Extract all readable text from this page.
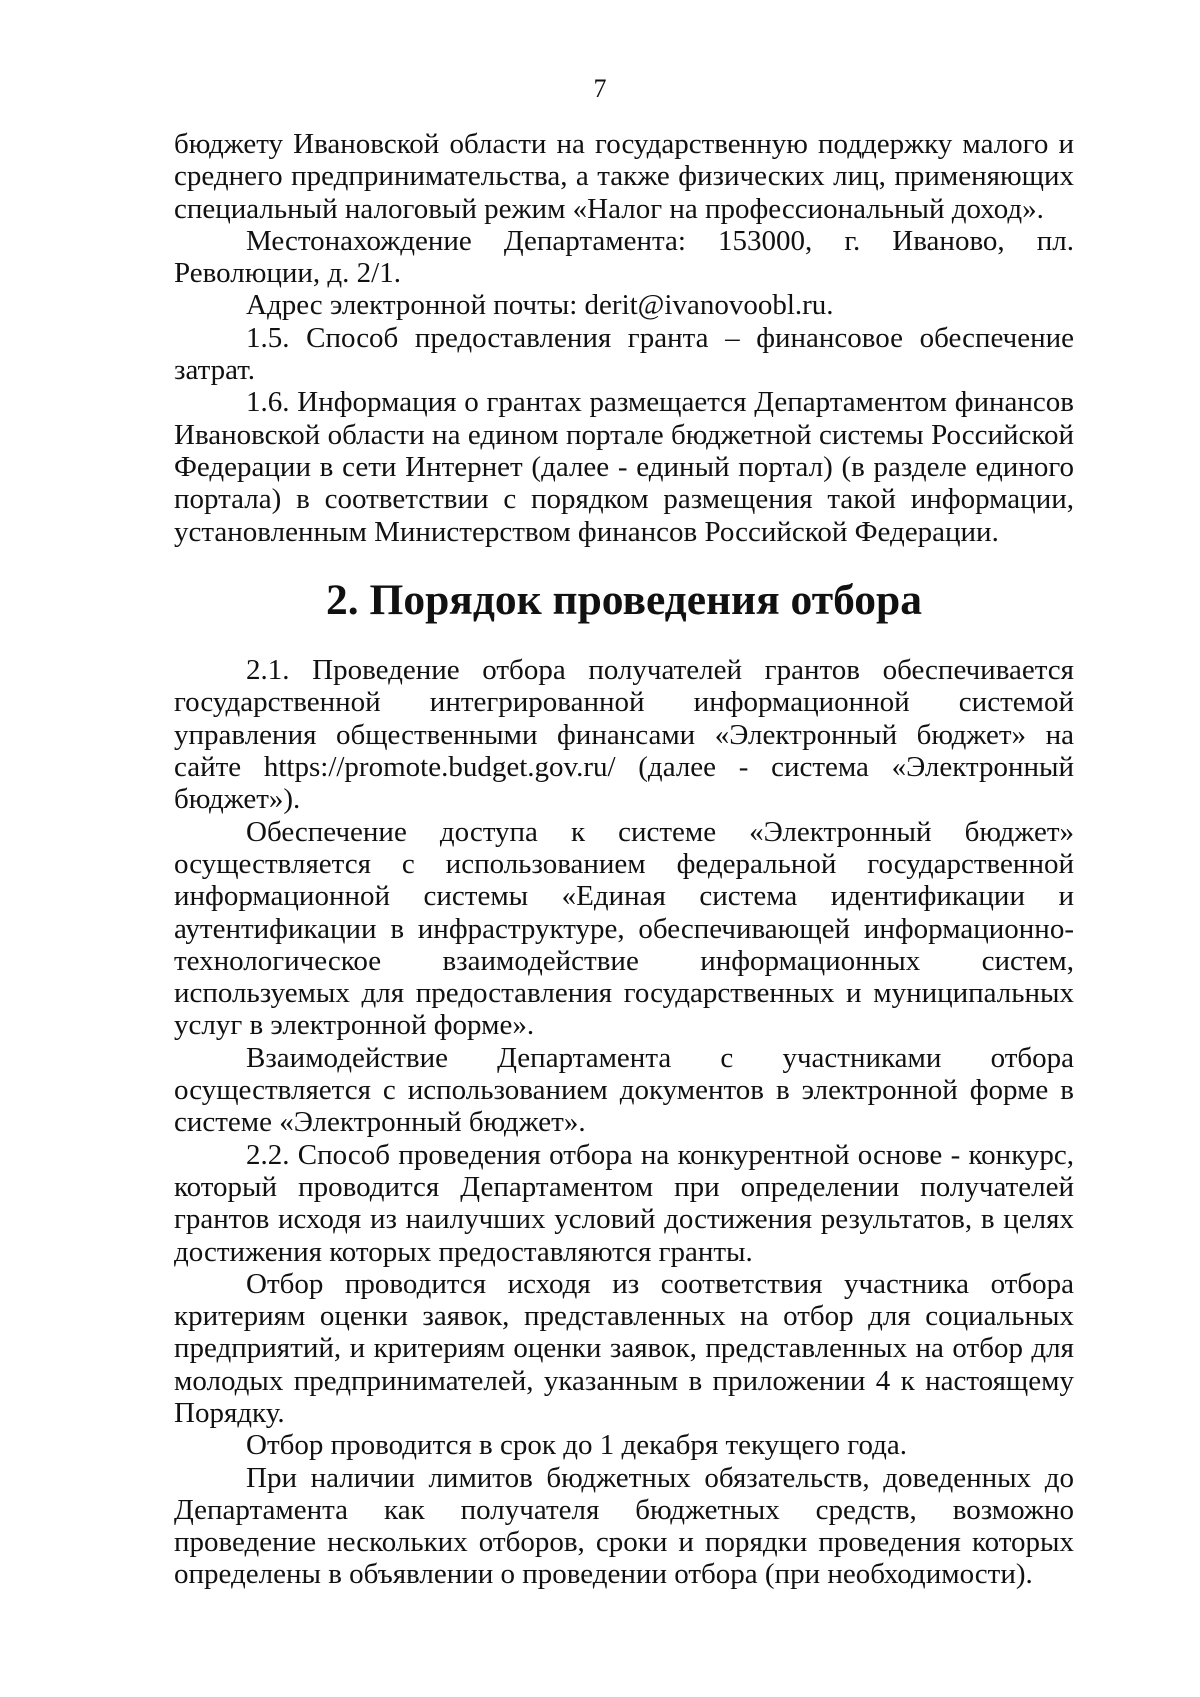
7

бюджету Ивановской области на государственную поддержку малого и среднего предпринимательства, а также физических лиц, применяющих специальный налоговый режим «Налог на профессиональный доход».

Местонахождение Департамента: 153000, г. Иваново, пл. Революции, д. 2/1.

Адрес электронной почты: derit@ivanovoobl.ru.

1.5. Способ предоставления гранта – финансовое обеспечение затрат.

1.6. Информация о грантах размещается Департаментом финансов Ивановской области на едином портале бюджетной системы Российской Федерации в сети Интернет (далее - единый портал) (в разделе единого портала) в соответствии с порядком размещения такой информации, установленным Министерством финансов Российской Федерации.

2. Порядок проведения отбора

2.1. Проведение отбора получателей грантов обеспечивается государственной интегрированной информационной системой управления общественными финансами «Электронный бюджет» на сайте https://promote.budget.gov.ru/ (далее - система «Электронный бюджет»).

Обеспечение доступа к системе «Электронный бюджет» осуществляется с использованием федеральной государственной информационной системы «Единая система идентификации и аутентификации в инфраструктуре, обеспечивающей информационно-технологическое взаимодействие информационных систем, используемых для предоставления государственных и муниципальных услуг в электронной форме».

Взаимодействие Департамента с участниками отбора осуществляется с использованием документов в электронной форме в системе «Электронный бюджет».

2.2. Способ проведения отбора на конкурентной основе - конкурс, который проводится Департаментом при определении получателей грантов исходя из наилучших условий достижения результатов, в целях достижения которых предоставляются гранты.

Отбор проводится исходя из соответствия участника отбора критериям оценки заявок, представленных на отбор для социальных предприятий, и критериям оценки заявок, представленных на отбор для молодых предпринимателей, указанным в приложении 4 к настоящему Порядку.

Отбор проводится в срок до 1 декабря текущего года.

При наличии лимитов бюджетных обязательств, доведенных до Департамента как получателя бюджетных средств, возможно проведение нескольких отборов, сроки и порядки проведения которых определены в объявлении о проведении отбора (при необходимости).
